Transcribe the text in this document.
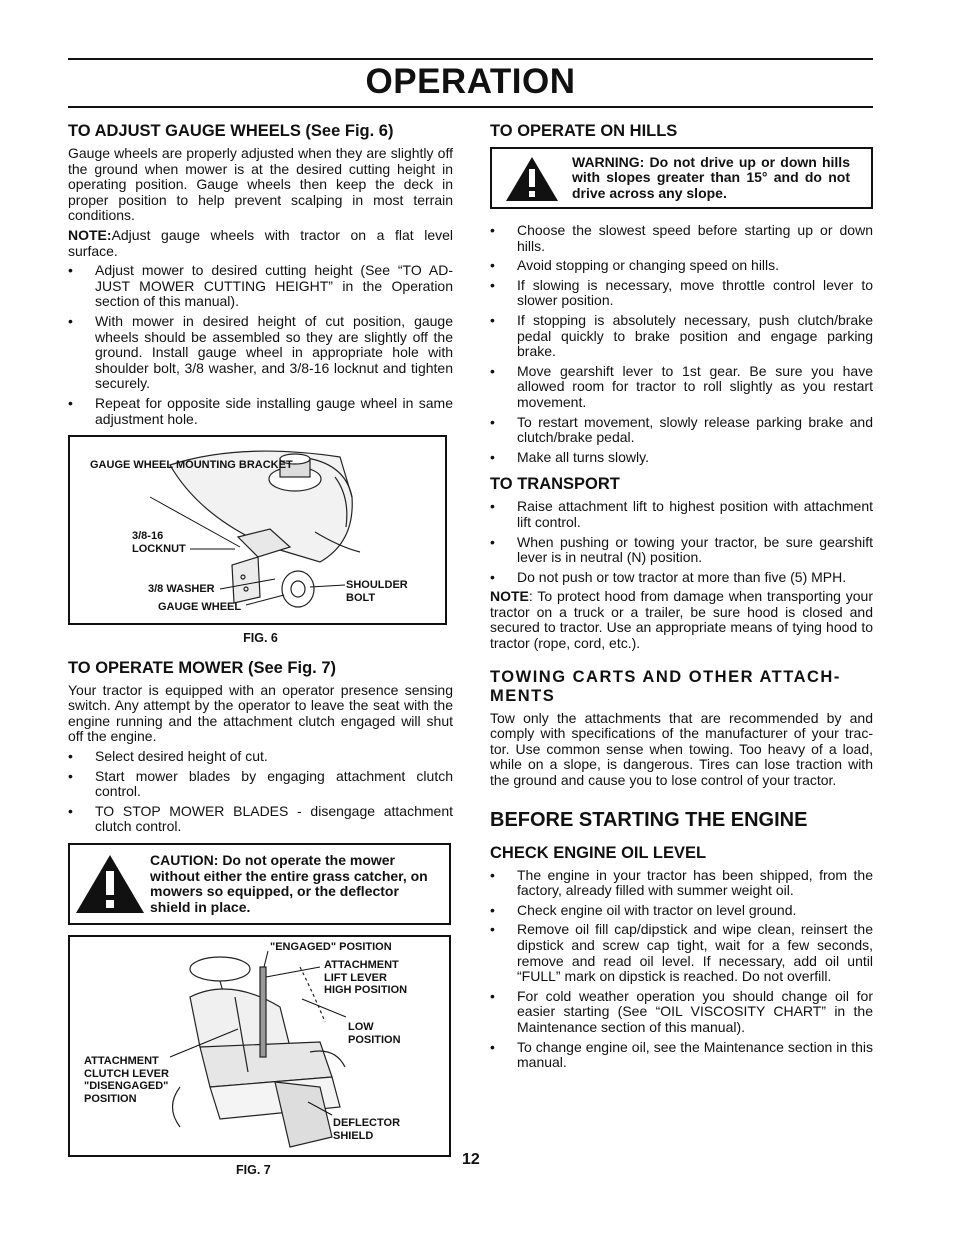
OPERATION
TO ADJUST GAUGE WHEELS (See Fig. 6)

Gauge wheels are properly adjusted when they are slightly off the ground when mower is at the desired cutting height in operating position. Gauge wheels then keep the deck in proper position to help prevent scalping in most terrain conditions.

NOTE:Adjust gauge wheels with tractor on a flat level surface.

• Adjust mower to desired cutting height (See “TO AD-JUST MOWER CUTTING HEIGHT” in the Operation section of this manual).
• With mower in desired height of cut position, gauge wheels should be assembled so they are slightly off the ground. Install gauge wheel in appropriate hole with shoulder bolt, 3/8 washer, and 3/8-16 locknut and tighten securely.
• Repeat for opposite side installing gauge wheel in same adjustment hole.
GAUGE WHEEL MOUNTING BRACKET
3/8-16 LOCKNUT
3/8 WASHER
GAUGE WHEEL
SHOULDER BOLT
FIG. 6
TO OPERATE MOWER (See Fig. 7)

Your tractor is equipped with an operator presence sensing switch. Any attempt by the operator to leave the seat with the engine running and the attachment clutch engaged will shut off the engine.

• Select desired height of cut.
• Start mower blades by engaging attachment clutch control.
• TO STOP MOWER BLADES - disengage attachment clutch control.
CAUTION: Do not operate the mower without either the entire grass catcher, on mowers so equipped, or the deflector shield in place.
"ENGAGED" POSITION
ATTACHMENT LIFT LEVER HIGH POSITION
LOW POSITION
ATTACHMENT CLUTCH LEVER "DISENGAGED" POSITION
DEFLECTOR SHIELD
FIG. 7
TO OPERATE ON HILLS
WARNING: Do not drive up or down hills with slopes greater than 15° and do not drive across any slope.
• Choose the slowest speed before starting up or down hills.
• Avoid stopping or changing speed on hills.
• If slowing is necessary, move throttle control lever to slower position.
• If stopping is absolutely necessary, push clutch/brake pedal quickly to brake position and engage parking brake.
• Move gearshift lever to 1st gear. Be sure you have allowed room for tractor to roll slightly as you restart movement.
• To restart movement, slowly release parking brake and clutch/brake pedal.
• Make all turns slowly.
TO TRANSPORT
• Raise attachment lift to highest position with attachment lift control.
• When pushing or towing your tractor, be sure gearshift lever is in neutral (N) position.
• Do not push or tow tractor at more than five (5) MPH.

NOTE: To protect hood from damage when transporting your tractor on a truck or a trailer, be sure hood is closed and secured to tractor. Use an appropriate means of tying hood to tractor (rope, cord, etc.).

TOWING CARTS AND OTHER ATTACH-MENTS

Tow only the attachments that are recommended by and comply with specifications of the manufacturer of your trac-tor. Use common sense when towing. Too heavy of a load, while on a slope, is dangerous. Tires can lose traction with the ground and cause you to lose control of your tractor.

BEFORE STARTING THE ENGINE
CHECK ENGINE OIL LEVEL
• The engine in your tractor has been shipped, from the factory, already filled with summer weight oil.
• Check engine oil with tractor on level ground.
• Remove oil fill cap/dipstick and wipe clean, reinsert the dipstick and screw cap tight, wait for a few seconds, remove and read oil level. If necessary, add oil until “FULL” mark on dipstick is reached. Do not overfill.
• For cold weather operation you should change oil for easier starting (See “OIL VISCOSITY CHART” in the Maintenance section of this manual).
• To change engine oil, see the Maintenance section in this manual.
12
